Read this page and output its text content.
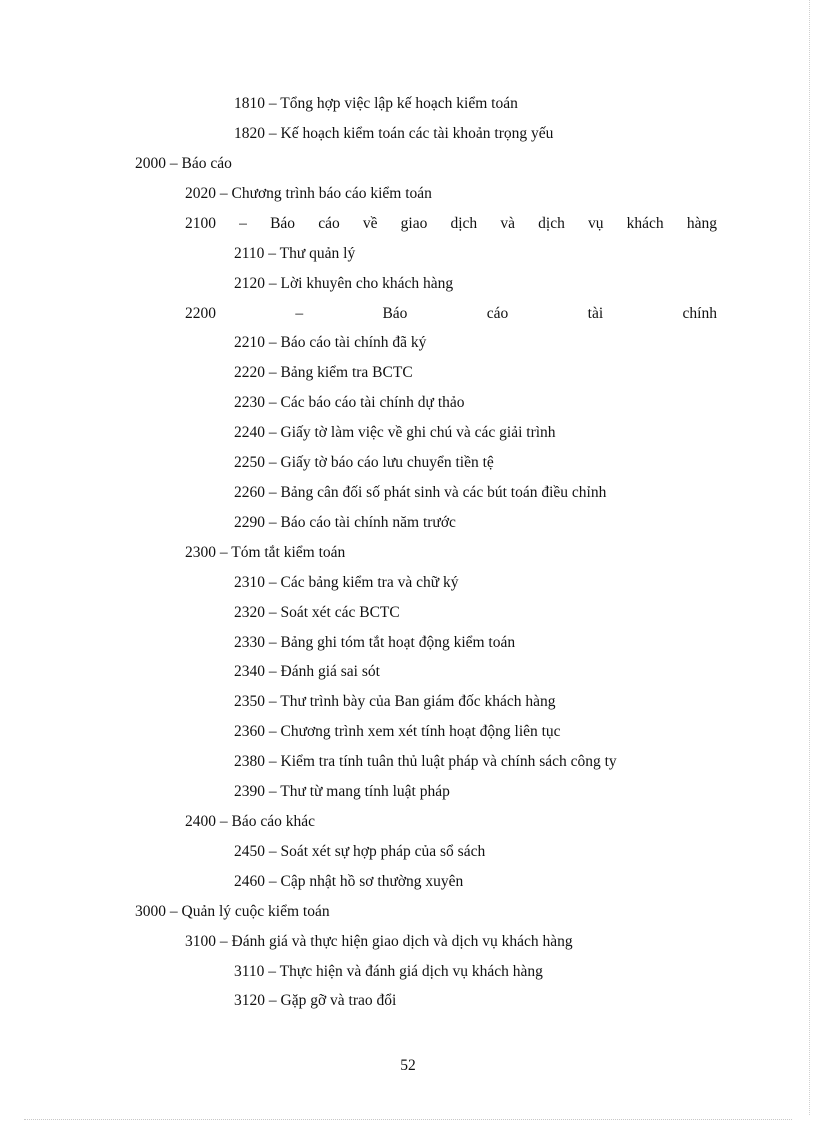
1810 – Tổng hợp việc lập kế hoạch kiểm toán
1820 – Kế hoạch kiểm toán các tài khoản trọng yếu
2000 – Báo cáo
2020 – Chương trình báo cáo kiểm toán
2100 – Báo cáo về giao dịch và dịch vụ khách hàng
2110 – Thư quản lý
2120 – Lời khuyên cho khách hàng
2200	–	Báo	cáo	tài	chính
2210 – Báo cáo tài chính đã ký
2220 – Bảng kiểm tra BCTC
2230 – Các báo cáo tài chính dự thảo
2240 – Giấy tờ làm việc về ghi chú và các giải trình
2250 – Giấy tờ báo cáo lưu chuyển tiền tệ
2260 – Bảng cân đối số phát sinh và các bút toán điều chỉnh
2290 – Báo cáo tài chính năm trước
2300 – Tóm tắt kiểm toán
2310 – Các bảng kiểm tra và chữ ký
2320 – Soát xét các BCTC
2330 – Bảng ghi tóm tắt hoạt động kiểm toán
2340 – Đánh giá sai sót
2350 – Thư trình bày của Ban giám đốc khách hàng
2360 – Chương trình xem xét tính hoạt động liên tục
2380 – Kiểm tra tính tuân thủ luật pháp và chính sách công ty
2390 – Thư từ mang tính luật pháp
2400 – Báo cáo khác
2450 – Soát xét sự hợp pháp của sổ sách
2460 – Cập nhật hồ sơ thường xuyên
3000 – Quản lý cuộc kiểm toán
3100 – Đánh giá và thực hiện giao dịch và dịch vụ khách hàng
3110 – Thực hiện và đánh giá dịch vụ khách hàng
3120 – Gặp gỡ và trao đổi
52
